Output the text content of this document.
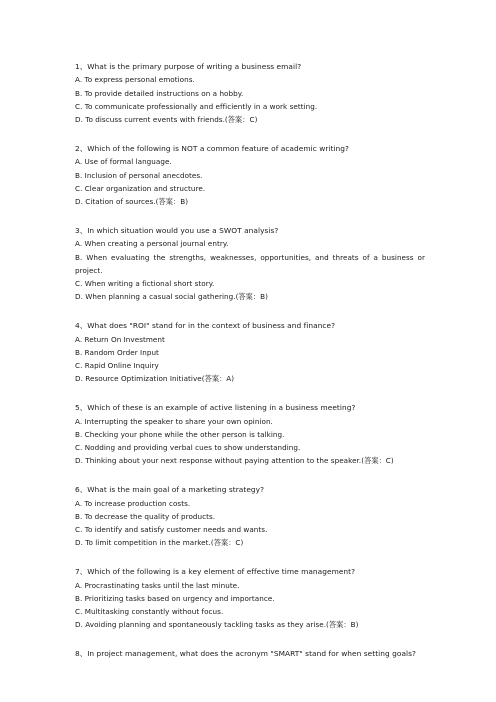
1、What is the primary purpose of writing a business email?
A. To express personal emotions.
B. To provide detailed instructions on a hobby.
C. To communicate professionally and efficiently in a work setting.
D. To discuss current events with friends.(答案：C)
2、Which of the following is NOT a common feature of academic writing?
A. Use of formal language.
B. Inclusion of personal anecdotes.
C. Clear organization and structure.
D. Citation of sources.(答案：B)
3、In which situation would you use a SWOT analysis?
A. When creating a personal journal entry.
B. When evaluating the strengths, weaknesses, opportunities, and threats of a business or project.
C. When writing a fictional short story.
D. When planning a casual social gathering.(答案：B)
4、What does "ROI" stand for in the context of business and finance?
A. Return On Investment
B. Random Order Input
C. Rapid Online Inquiry
D. Resource Optimization Initiative(答案：A)
5、Which of these is an example of active listening in a business meeting?
A. Interrupting the speaker to share your own opinion.
B. Checking your phone while the other person is talking.
C. Nodding and providing verbal cues to show understanding.
D. Thinking about your next response without paying attention to the speaker.(答案：C)
6、What is the main goal of a marketing strategy?
A. To increase production costs.
B. To decrease the quality of products.
C. To identify and satisfy customer needs and wants.
D. To limit competition in the market.(答案：C)
7、Which of the following is a key element of effective time management?
A. Procrastinating tasks until the last minute.
B. Prioritizing tasks based on urgency and importance.
C. Multitasking constantly without focus.
D. Avoiding planning and spontaneously tackling tasks as they arise.(答案：B)
8、In project management, what does the acronym "SMART" stand for when setting goals?
